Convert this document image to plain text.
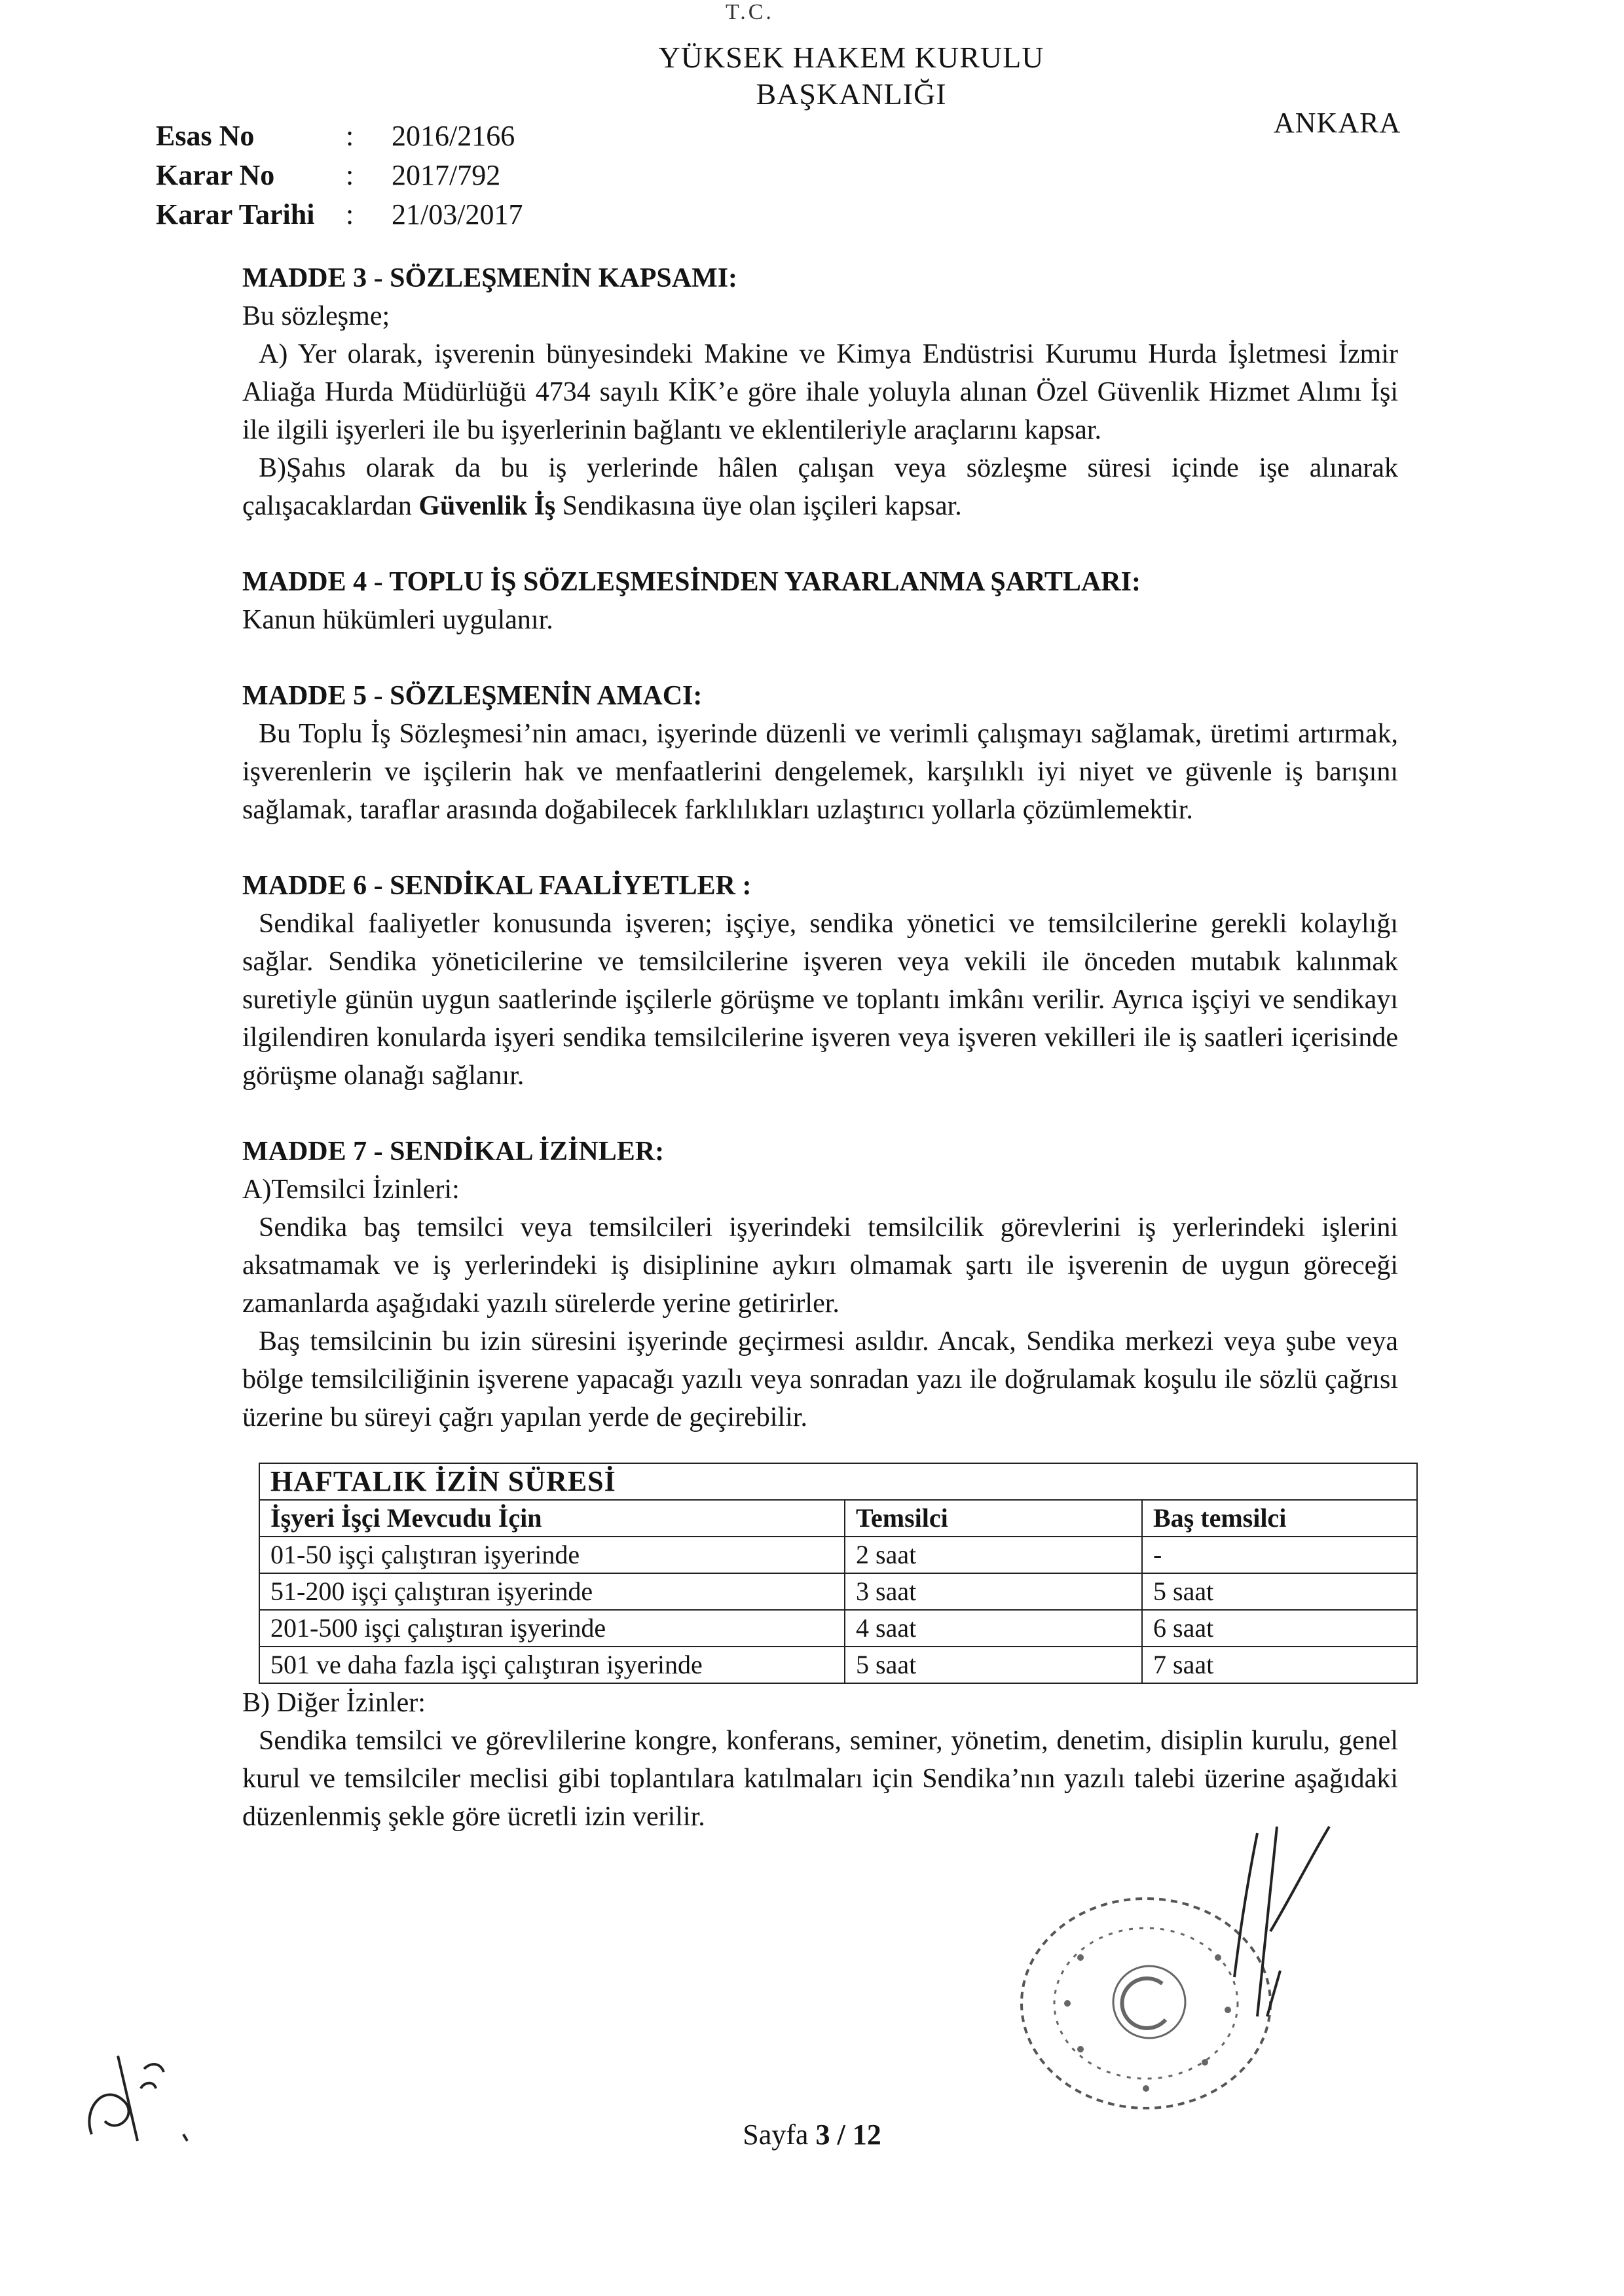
T.C.
YÜKSEK HAKEM KURULU
BAŞKANLIĞI
ANKARA
Esas No	:	2016/2166
Karar No	:	2017/792
Karar Tarihi	:	21/03/2017

MADDE 3 - SÖZLEŞMENİN KAPSAMI:

Bu sözleşme;

A) Yer olarak, işverenin bünyesindeki Makine ve Kimya Endüstrisi Kurumu Hurda İşletmesi İzmir Aliağa Hurda Müdürlüğü 4734 sayılı KİK’e göre ihale yoluyla alınan Özel Güvenlik Hizmet Alımı İşi ile ilgili işyerleri ile bu işyerlerinin bağlantı ve eklentileriyle araçlarını kapsar.

B)Şahıs olarak da bu iş yerlerinde hâlen çalışan veya sözleşme süresi içinde işe alınarak çalışacaklardan Güvenlik İş Sendikasına üye olan işçileri kapsar.

MADDE 4 - TOPLU İŞ SÖZLEŞMESİNDEN YARARLANMA ŞARTLARI:

Kanun hükümleri uygulanır.

MADDE 5 - SÖZLEŞMENİN AMACI:

Bu Toplu İş Sözleşmesi’nin amacı, işyerinde düzenli ve verimli çalışmayı sağlamak, üretimi artırmak, işverenlerin ve işçilerin hak ve menfaatlerini dengelemek, karşılıklı iyi niyet ve güvenle iş barışını sağlamak, taraflar arasında doğabilecek farklılıkları uzlaştırıcı yollarla çözümlemektir.

MADDE 6 - SENDİKAL FAALİYETLER :

Sendikal faaliyetler konusunda işveren; işçiye, sendika yönetici ve temsilcilerine gerekli kolaylığı sağlar. Sendika yöneticilerine ve temsilcilerine işveren veya vekili ile önceden mutabık kalınmak suretiyle günün uygun saatlerinde işçilerle görüşme ve toplantı imkânı verilir. Ayrıca işçiyi ve sendikayı ilgilendiren konularda işyeri sendika temsilcilerine işveren veya işveren vekilleri ile iş saatleri içerisinde görüşme olanağı sağlanır.

MADDE 7 - SENDİKAL İZİNLER:

A)Temsilci İzinleri:

Sendika baş temsilci veya temsilcileri işyerindeki temsilcilik görevlerini iş yerlerindeki işlerini aksatmamak ve iş yerlerindeki iş disiplinine aykırı olmamak şartı ile işverenin de uygun göreceği zamanlarda aşağıdaki yazılı sürelerde yerine getirirler.

Baş temsilcinin bu izin süresini işyerinde geçirmesi asıldır. Ancak, Sendika merkezi veya şube veya bölge temsilciliğinin işverene yapacağı yazılı veya sonradan yazı ile doğrulamak koşulu ile sözlü çağrısı üzerine bu süreyi çağrı yapılan yerde de geçirebilir.

HAFTALIK İZİN SÜRESİ		
İşyeri İşçi Mevcudu İçin	Temsilci	Baş temsilci
01-50 işçi çalıştıran işyerinde	2 saat	-
51-200 işçi çalıştıran işyerinde	3 saat	5 saat
201-500 işçi çalıştıran işyerinde	4 saat	6 saat
501 ve daha fazla işçi çalıştıran işyerinde	5 saat	7 saat

B) Diğer İzinler:

Sendika temsilci ve görevlilerine kongre, konferans, seminer, yönetim, denetim, disiplin kurulu, genel kurul ve temsilciler meclisi gibi toplantılara katılmaları için Sendika’nın yazılı talebi üzerine aşağıdaki düzenlenmiş şekle göre ücretli izin verilir.

Sayfa 3 / 12
